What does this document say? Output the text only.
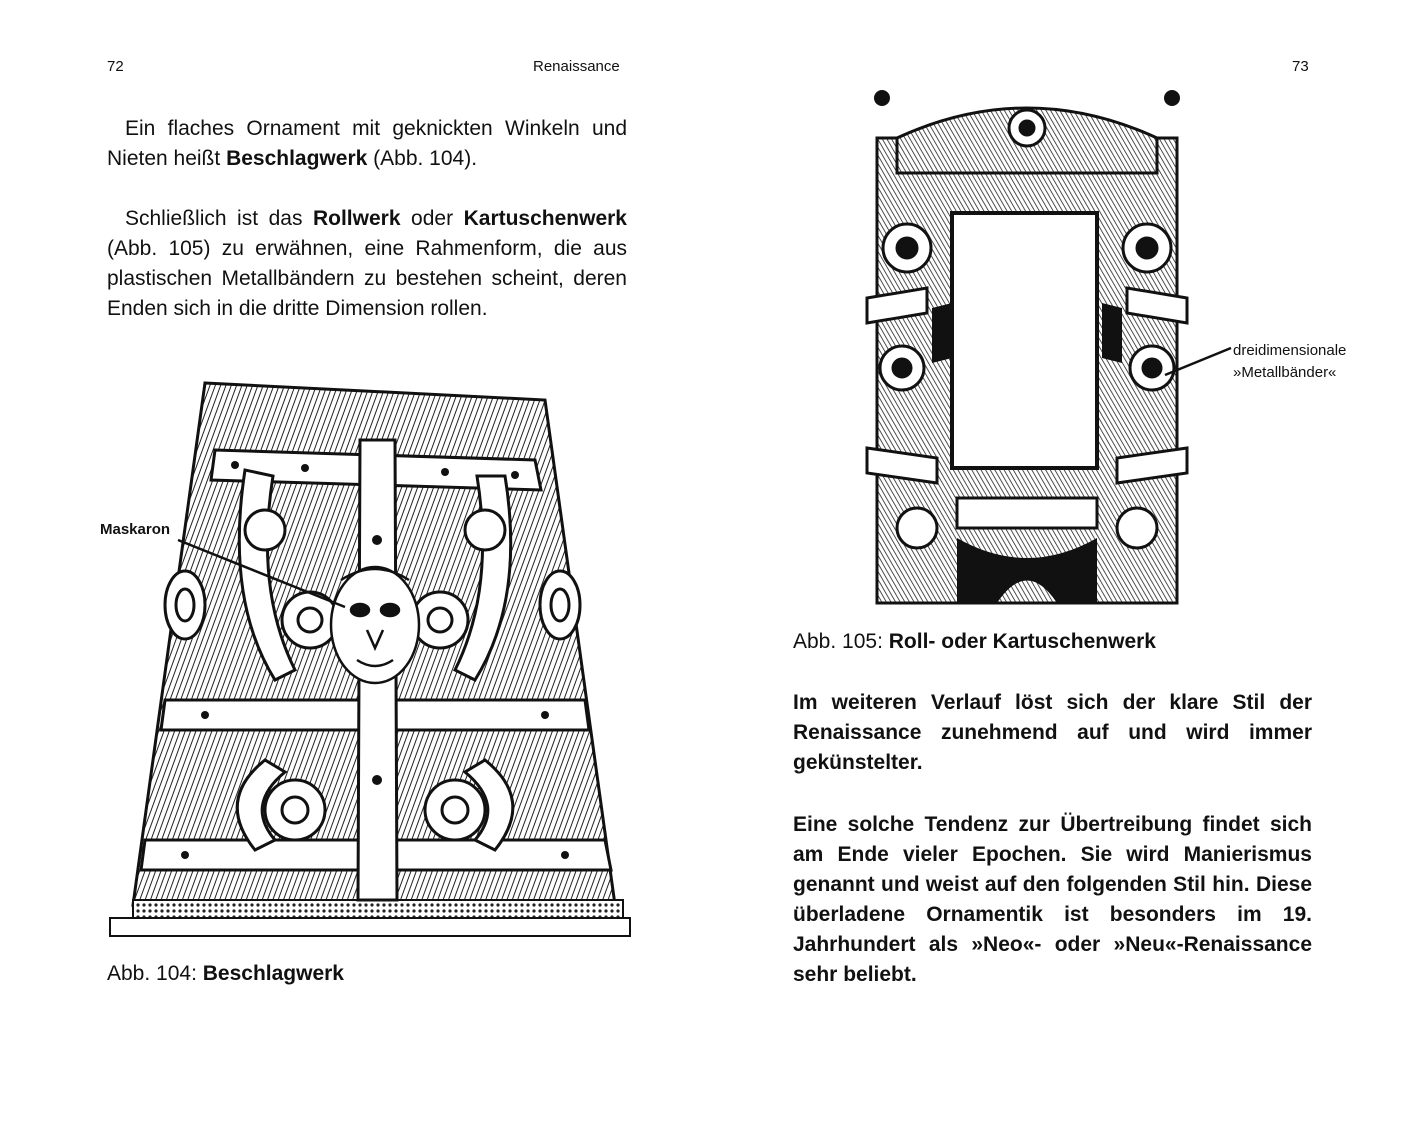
72	Renaissance

Ein flaches Ornament mit geknickten Winkeln und Nieten heißt Beschlagwerk (Abb. 104).

Schließlich ist das Rollwerk oder Kartuschenwerk (Abb. 105) zu erwähnen, eine Rahmenform, die aus plastischen Metallbändern zu bestehen scheint, deren Enden sich in die dritte Dimension rollen.

Maskaron

Abb. 104: Beschlagwerk

73

dreidimensionale
»Metallbänder«

Abb. 105: Roll- oder Kartuschenwerk

Im weiteren Verlauf löst sich der klare Stil der Renaissance zunehmend auf und wird immer gekünstelter.

Eine solche Tendenz zur Übertreibung findet sich am Ende vieler Epochen. Sie wird Manierismus genannt und weist auf den folgenden Stil hin. Diese überladene Ornamentik ist besonders im 19. Jahrhundert als »Neo«- oder »Neu«-Renaissance sehr beliebt.
